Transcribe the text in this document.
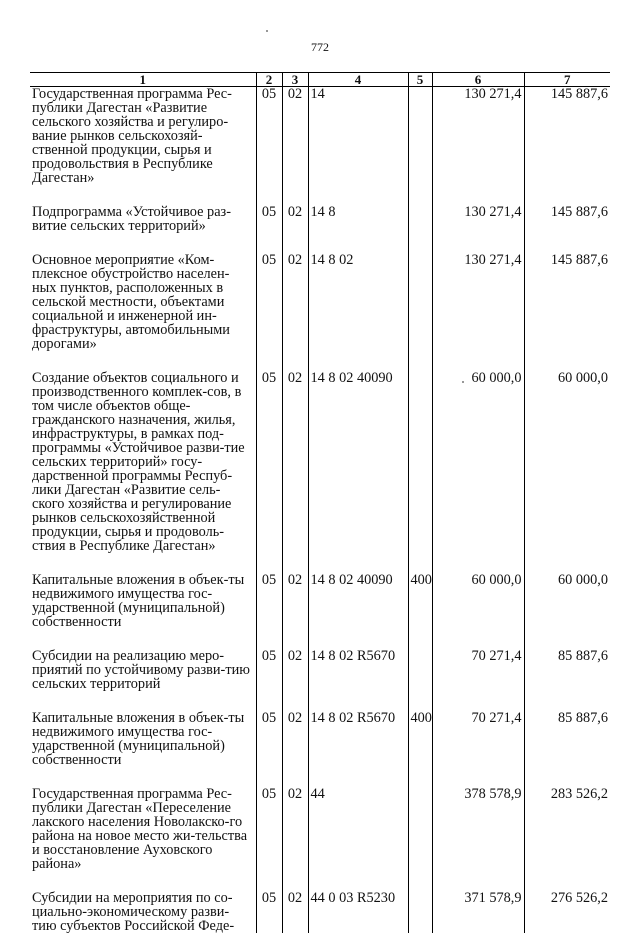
772
1	2	3	4	5	6	7
Государственная программа Рес-публики Дагестан «Развитие сельского хозяйства и регулиро-вание рынков сельскохозяй-ственной продукции, сырья и продовольствия в Республике Дагестан»	05	02	14		130 271,4	145 887,6
Подпрограмма «Устойчивое раз-витие сельских территорий»	05	02	14 8		130 271,4	145 887,6
Основное мероприятие «Ком-плексное обустройство населен-ных пунктов, расположенных в сельской местности, объектами социальной и инженерной ин-фраструктуры, автомобильными дорогами»	05	02	14 8 02		130 271,4	145 887,6
Создание объектов социального и производственного комплек-сов, в том числе объектов обще-гражданского назначения, жилья, инфраструктуры, в рамках под-программы «Устойчивое разви-тие сельских территорий» госу-дарственной программы Респуб-лики Дагестан «Развитие сель-ского хозяйства и регулирование рынков сельскохозяйственной продукции, сырья и продоволь-ствия в Республике Дагестан»	05	02	14 8 02 40090		60 000,0	60 000,0
Капитальные вложения в объек-ты недвижимого имущества гос-ударственной (муниципальной) собственности	05	02	14 8 02 40090	400	60 000,0	60 000,0
Субсидии на реализацию меро-приятий по устойчивому разви-тию сельских территорий	05	02	14 8 02 R5670		70 271,4	85 887,6
Капитальные вложения в объек-ты недвижимого имущества гос-ударственной (муниципальной) собственности	05	02	14 8 02 R5670	400	70 271,4	85 887,6
Государственная программа Рес-публики Дагестан «Переселение лакского населения Новолакско-го района на новое место жи-тельства и восстановление Ауховского района»	05	02	44		378 578,9	283 526,2
Субсидии на мероприятия по со-циально-экономическому разви-тию субъектов Российской Феде-	05	02	44 0 03 R5230		371 578,9	276 526,2
